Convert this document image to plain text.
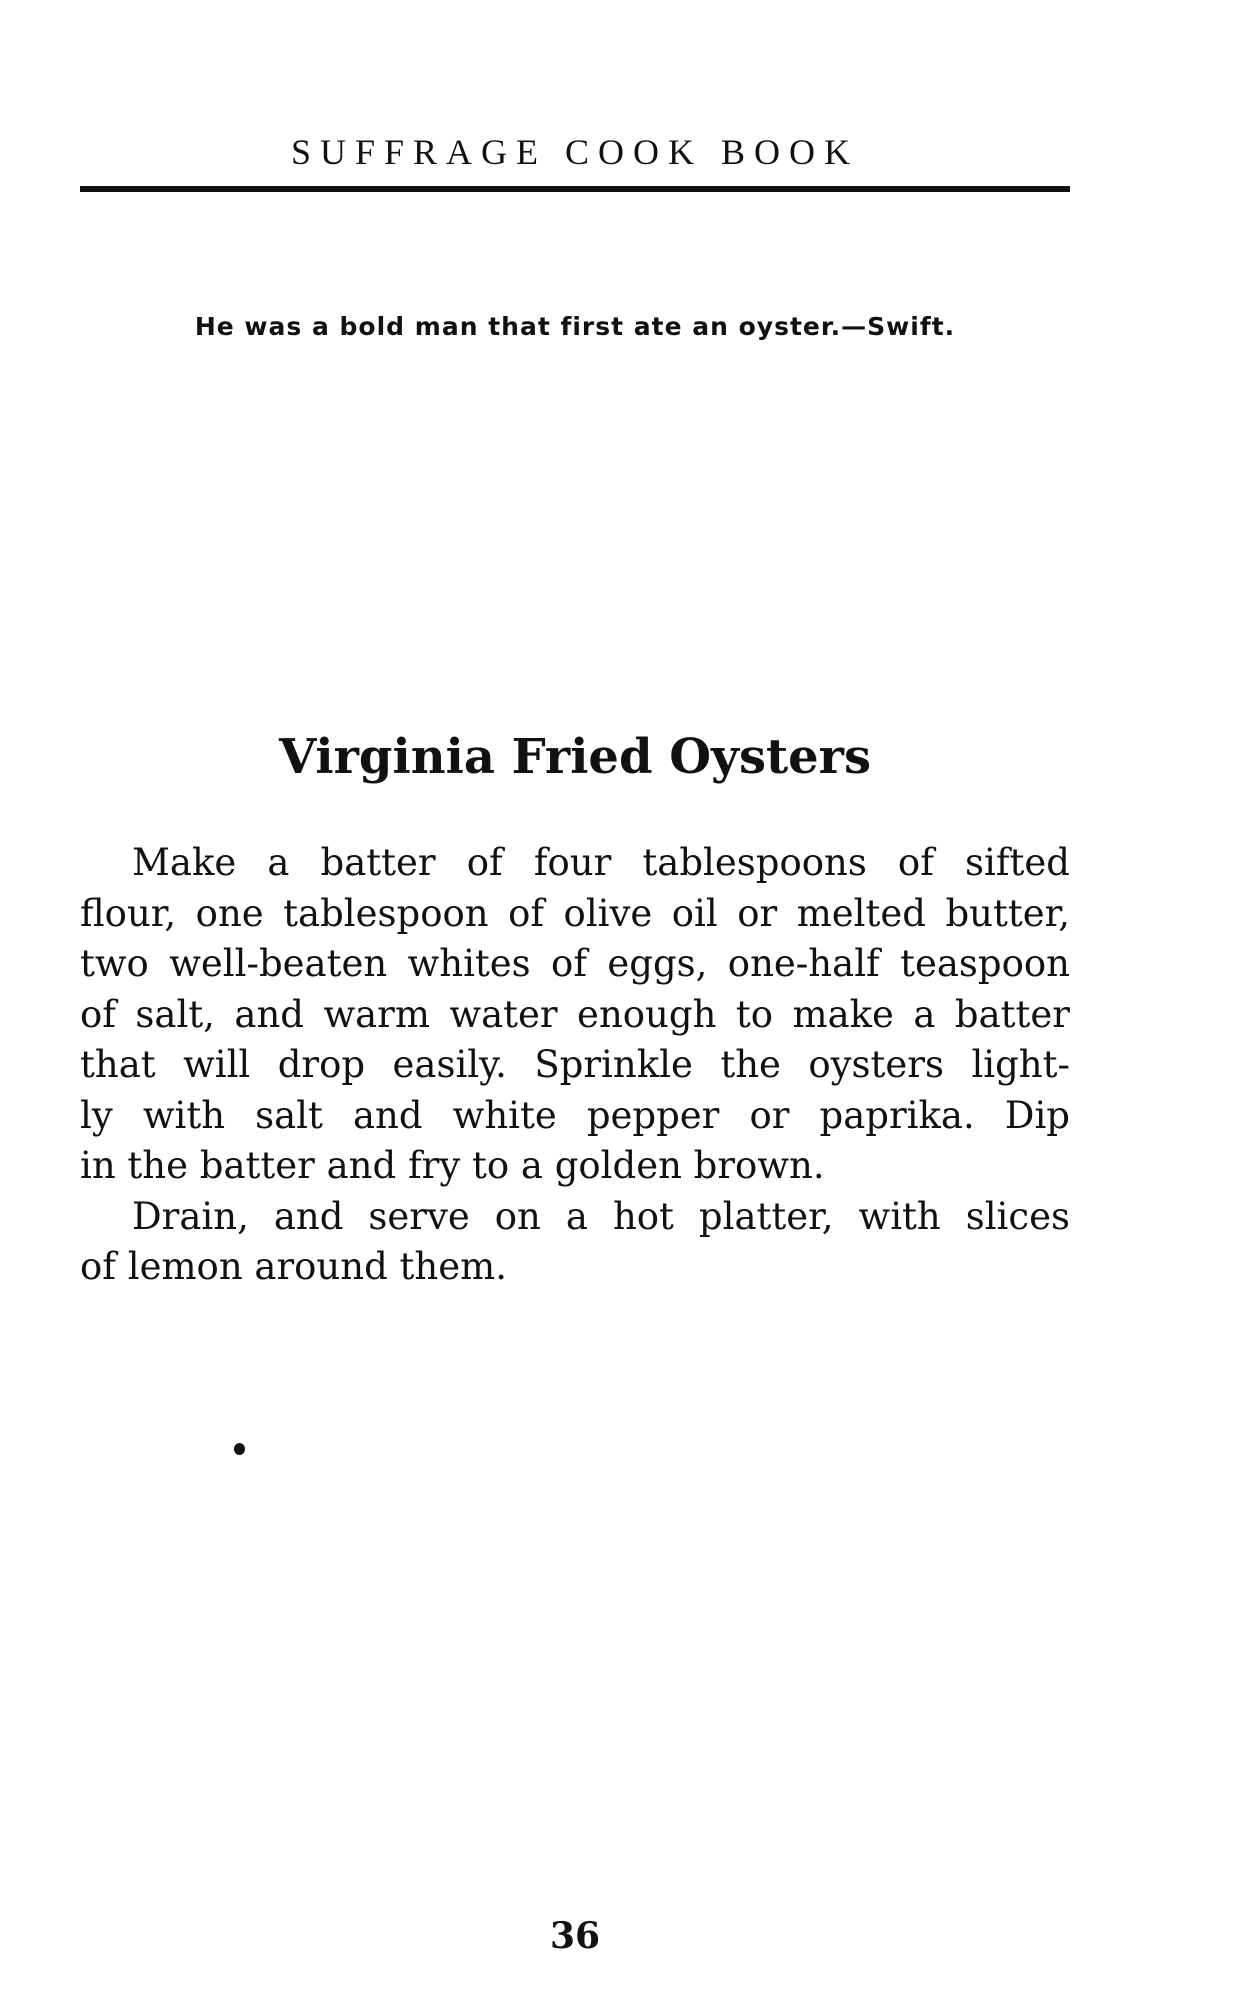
SUFFRAGE COOK BOOK
He was a bold man that first ate an oyster.—Swift.
Virginia Fried Oysters
Make a batter of four tablespoons of sifted
flour, one tablespoon of olive oil or melted butter,
two well-beaten whites of eggs, one-half teaspoon
of salt, and warm water enough to make a batter
that will drop easily. Sprinkle the oysters light-
ly with salt and white pepper or paprika. Dip
in the batter and fry to a golden brown.
Drain, and serve on a hot platter, with slices
of lemon around them.
36
